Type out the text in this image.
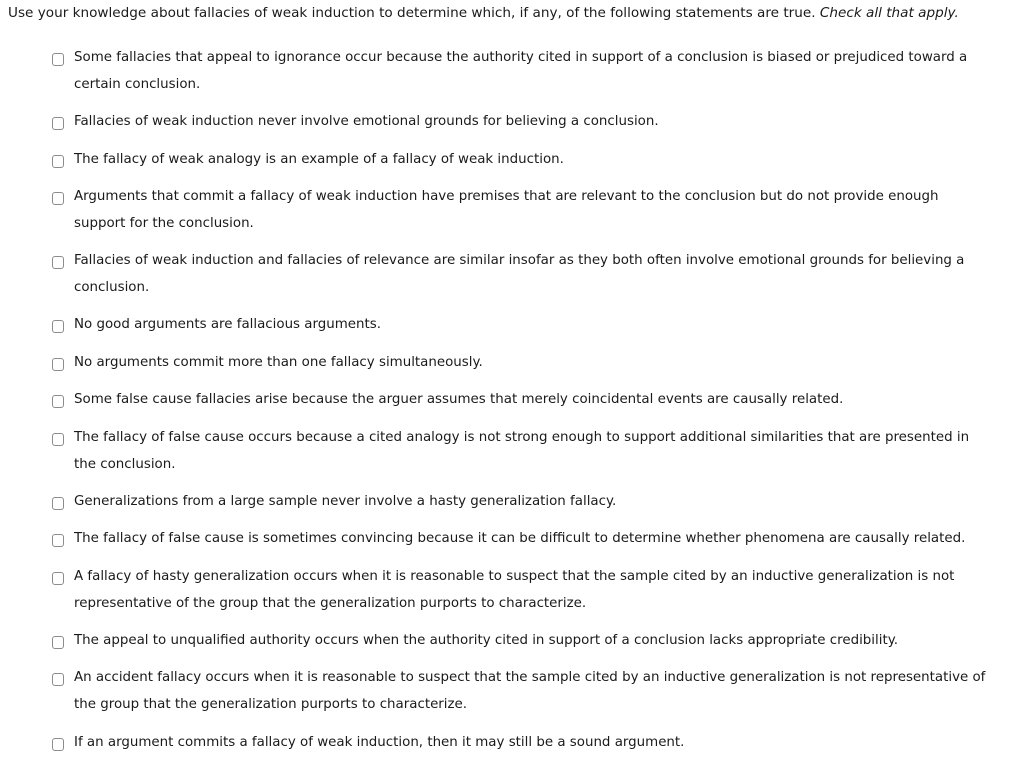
Use your knowledge about fallacies of weak induction to determine which, if any, of the following statements are true. Check all that apply.
Some fallacies that appeal to ignorance occur because the authority cited in support of a conclusion is biased or prejudiced toward a certain conclusion.
Fallacies of weak induction never involve emotional grounds for believing a conclusion.
The fallacy of weak analogy is an example of a fallacy of weak induction.
Arguments that commit a fallacy of weak induction have premises that are relevant to the conclusion but do not provide enough support for the conclusion.
Fallacies of weak induction and fallacies of relevance are similar insofar as they both often involve emotional grounds for believing a conclusion.
No good arguments are fallacious arguments.
No arguments commit more than one fallacy simultaneously.
Some false cause fallacies arise because the arguer assumes that merely coincidental events are causally related.
The fallacy of false cause occurs because a cited analogy is not strong enough to support additional similarities that are presented in the conclusion.
Generalizations from a large sample never involve a hasty generalization fallacy.
The fallacy of false cause is sometimes convincing because it can be difficult to determine whether phenomena are causally related.
A fallacy of hasty generalization occurs when it is reasonable to suspect that the sample cited by an inductive generalization is not representative of the group that the generalization purports to characterize.
The appeal to unqualified authority occurs when the authority cited in support of a conclusion lacks appropriate credibility.
An accident fallacy occurs when it is reasonable to suspect that the sample cited by an inductive generalization is not representative of the group that the generalization purports to characterize.
If an argument commits a fallacy of weak induction, then it may still be a sound argument.
